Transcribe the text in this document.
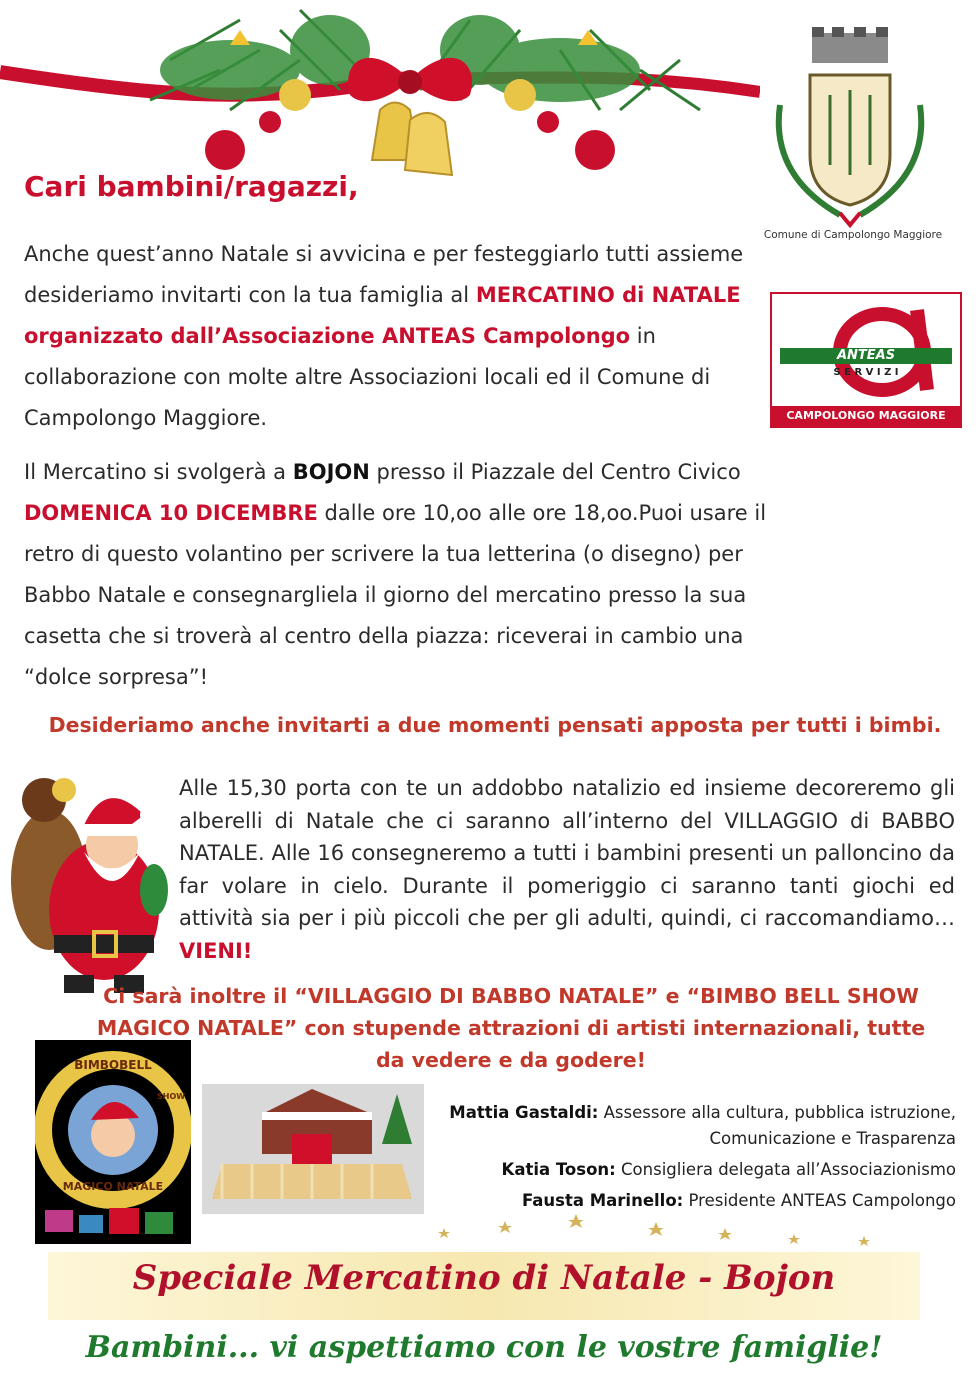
Comune di Campolongo Maggiore
ANTEAS
S E R V I Z I
CAMPOLONGO MAGGIORE
Cari bambini/ragazzi,

Anche quest’anno Natale si avvicina e per festeggiarlo tutti assieme desideriamo invitarti con la tua famiglia al MERCATINO di NATALE organizzato dall’Associazione ANTEAS Campolongo in collaborazione con molte altre Associazioni locali ed il Comune di Campolongo Maggiore.

Il Mercatino si svolgerà a BOJON presso il Piazzale del Centro Civico DOMENICA 10 DICEMBRE dalle ore 10,oo alle ore 18,oo.Puoi usare il retro di questo volantino per scrivere la tua letterina (o disegno) per Babbo Natale e consegnargliela il giorno del mercatino presso la sua casetta che si troverà al centro della piazza: riceverai in cambio una “dolce sorpresa”!

Desideriamo anche invitarti a due momenti pensati apposta per tutti i bimbi.

Alle 15,30 porta con te un addobbo natalizio ed insieme decoreremo gli alberelli di Natale che ci saranno all’interno del VILLAGGIO di BABBO NATALE. Alle 16 consegneremo a tutti i bambini presenti un palloncino da far volare in cielo. Durante il pomeriggio ci saranno tanti giochi ed attività sia per i più piccoli che per gli adulti, quindi, ci raccomandiamo…VIENI!

Ci sarà inoltre il “VILLAGGIO DI BABBO NATALE” e “BIMBO BELL SHOW MAGICO NATALE” con stupende attrazioni di artisti internazionali, tutte da vedere e da godere!
BIMBOBELL
SHOW
MAGICO NATALE

Mattia Gastaldi: Assessore alla cultura, pubblica istruzione,

Comunicazione e Trasparenza

Katia Toson: Consigliera delegata all’Associazionismo

Fausta Marinello: Presidente ANTEAS Campolongo

Speciale Mercatino di Natale - Bojon
Bambini... vi aspettiamo con le vostre famiglie!
